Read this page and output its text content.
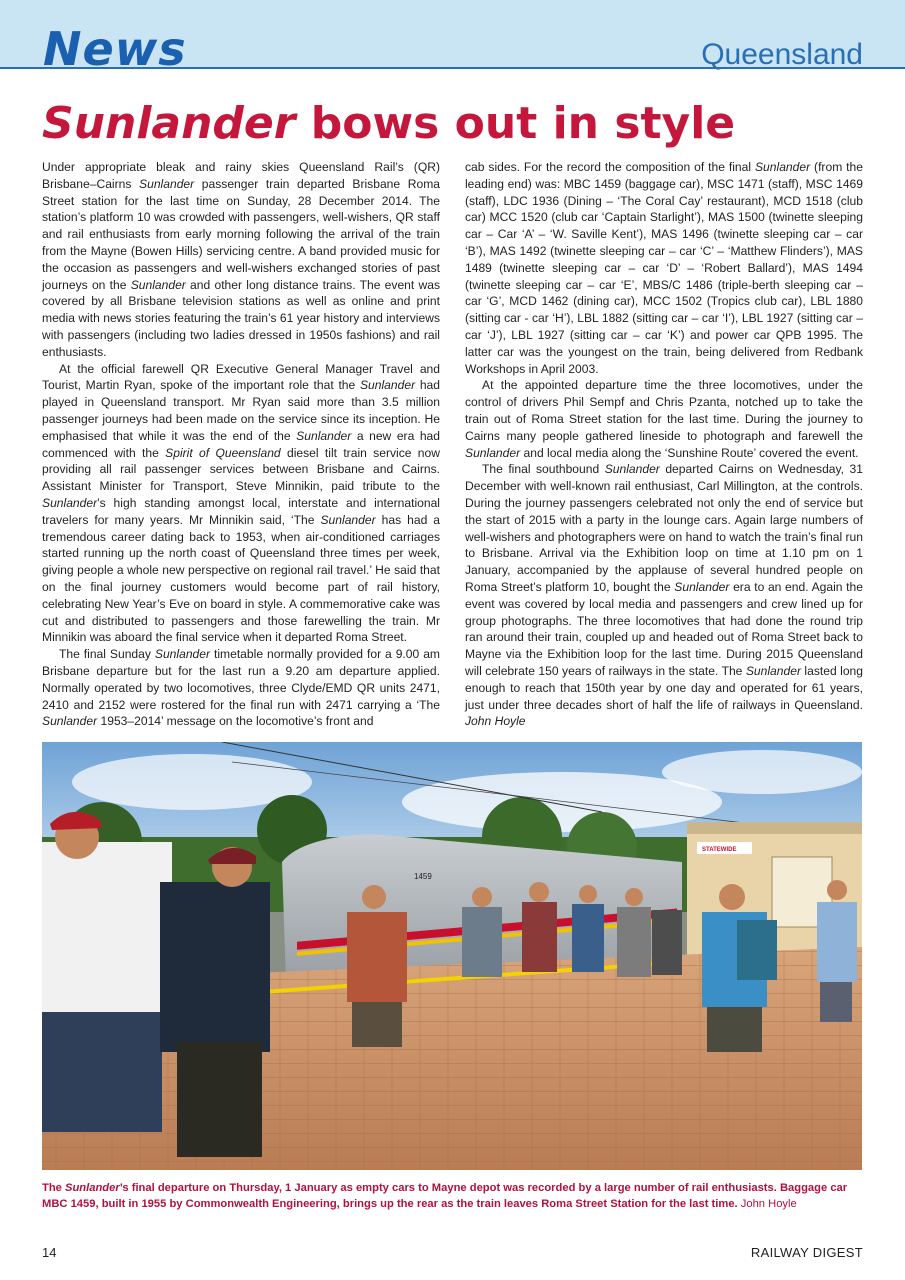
News	Queensland
Sunlander bows out in style

Under appropriate bleak and rainy skies Queensland Rail’s (QR) Brisbane–Cairns Sunlander passenger train departed Brisbane Roma Street station for the last time on Sunday, 28 December 2014. The station’s platform 10 was crowded with passengers, well-wishers, QR staff and rail enthusiasts from early morning following the arrival of the train from the Mayne (Bowen Hills) servicing centre. A band provided music for the occasion as passengers and well-wishers exchanged stories of past journeys on the Sunlander and other long distance trains. The event was covered by all Brisbane television stations as well as online and print media with news stories featuring the train’s 61 year history and interviews with passengers (including two ladies dressed in 1950s fashions) and rail enthusiasts.

At the official farewell QR Executive General Manager Travel and Tourist, Martin Ryan, spoke of the important role that the Sunlander had played in Queensland transport. Mr Ryan said more than 3.5 million passenger journeys had been made on the service since its inception. He emphasised that while it was the end of the Sunlander a new era had commenced with the Spirit of Queensland diesel tilt train service now providing all rail passenger services between Brisbane and Cairns. Assistant Minister for Transport, Steve Minnikin, paid tribute to the Sunlander’s high standing amongst local, interstate and international travelers for many years. Mr Minnikin said, ‘The Sunlander has had a tremendous career dating back to 1953, when air-conditioned carriages started running up the north coast of Queensland three times per week, giving people a whole new perspective on regional rail travel.’ He said that on the final journey customers would become part of rail history, celebrating New Year’s Eve on board in style. A commemorative cake was cut and distributed to passengers and those farewelling the train. Mr Minnikin was aboard the final service when it departed Roma Street.

The final Sunday Sunlander timetable normally provided for a 9.00 am Brisbane departure but for the last run a 9.20 am departure applied. Normally operated by two locomotives, three Clyde/EMD QR units 2471, 2410 and 2152 were rostered for the final run with 2471 carrying a ‘The Sunlander 1953–2014’ message on the locomotive’s front and

cab sides. For the record the composition of the final Sunlander (from the leading end) was: MBC 1459 (baggage car), MSC 1471 (staff), MSC 1469 (staff), LDC 1936 (Dining – ‘The Coral Cay’ restaurant), MCD 1518 (club car) MCC 1520 (club car ‘Captain Starlight’), MAS 1500 (twinette sleeping car – Car ‘A’ – ‘W. Saville Kent’), MAS 1496 (twinette sleeping car – car ‘B’), MAS 1492 (twinette sleeping car – car ‘C’ – ‘Matthew Flinders’), MAS 1489 (twinette sleeping car – car ‘D’ – ‘Robert Ballard’), MAS 1494 (twinette sleeping car – car ‘E’, MBS/C 1486 (triple-berth sleeping car – car ‘G’, MCD 1462 (dining car), MCC 1502 (Tropics club car), LBL 1880 (sitting car - car ‘H’), LBL 1882 (sitting car – car ‘I’), LBL 1927 (sitting car – car ‘J’), LBL 1927 (sitting car – car ‘K’) and power car QPB 1995. The latter car was the youngest on the train, being delivered from Redbank Workshops in April 2003.

At the appointed departure time the three locomotives, under the control of drivers Phil Sempf and Chris Pzanta, notched up to take the train out of Roma Street station for the last time. During the journey to Cairns many people gathered lineside to photograph and farewell the Sunlander and local media along the ‘Sunshine Route’ covered the event.

The final southbound Sunlander departed Cairns on Wednesday, 31 December with well-known rail enthusiast, Carl Millington, at the controls. During the journey passengers celebrated not only the end of service but the start of 2015 with a party in the lounge cars. Again large numbers of well-wishers and photographers were on hand to watch the train’s final run to Brisbane. Arrival via the Exhibition loop on time at 1.10 pm on 1 January, accompanied by the applause of several hundred people on Roma Street’s platform 10, bought the Sunlander era to an end. Again the event was covered by local media and passengers and crew lined up for group photographs. The three locomotives that had done the round trip ran around their train, coupled up and headed out of Roma Street back to Mayne via the Exhibition loop for the last time. During 2015 Queensland will celebrate 150 years of railways in the state. The Sunlander lasted long enough to reach that 150th year by one day and operated for 61 years, just under three decades short of half the life of railways in Queensland. John Hoyle

1459
STATEWIDE
The Sunlander’s final departure on Thursday, 1 January as empty cars to Mayne depot was recorded by a large number of rail enthusiasts. Baggage car MBC 1459, built in 1955 by Commonwealth Engineering, brings up the rear as the train leaves Roma Street Station for the last time. John Hoyle
14	RAILWAY DIGEST
